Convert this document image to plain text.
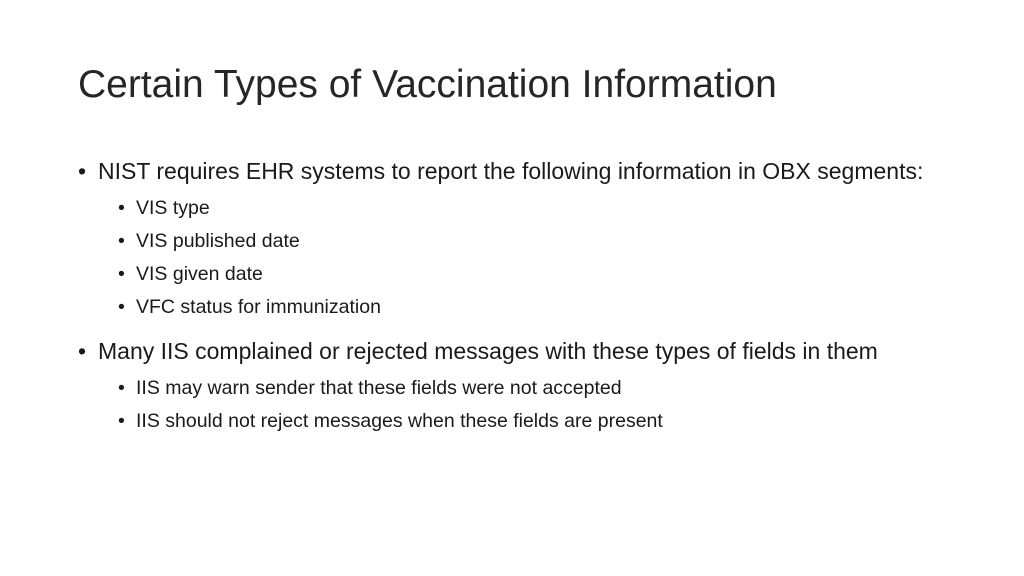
Certain Types of Vaccination Information
• NIST requires EHR systems to report the following information in OBX segments:
• VIS type
• VIS published date
• VIS given date
• VFC status for immunization
• Many IIS complained or rejected messages with these types of fields in them
• IIS may warn sender that these fields were not accepted
• IIS should not reject messages when these fields are present
